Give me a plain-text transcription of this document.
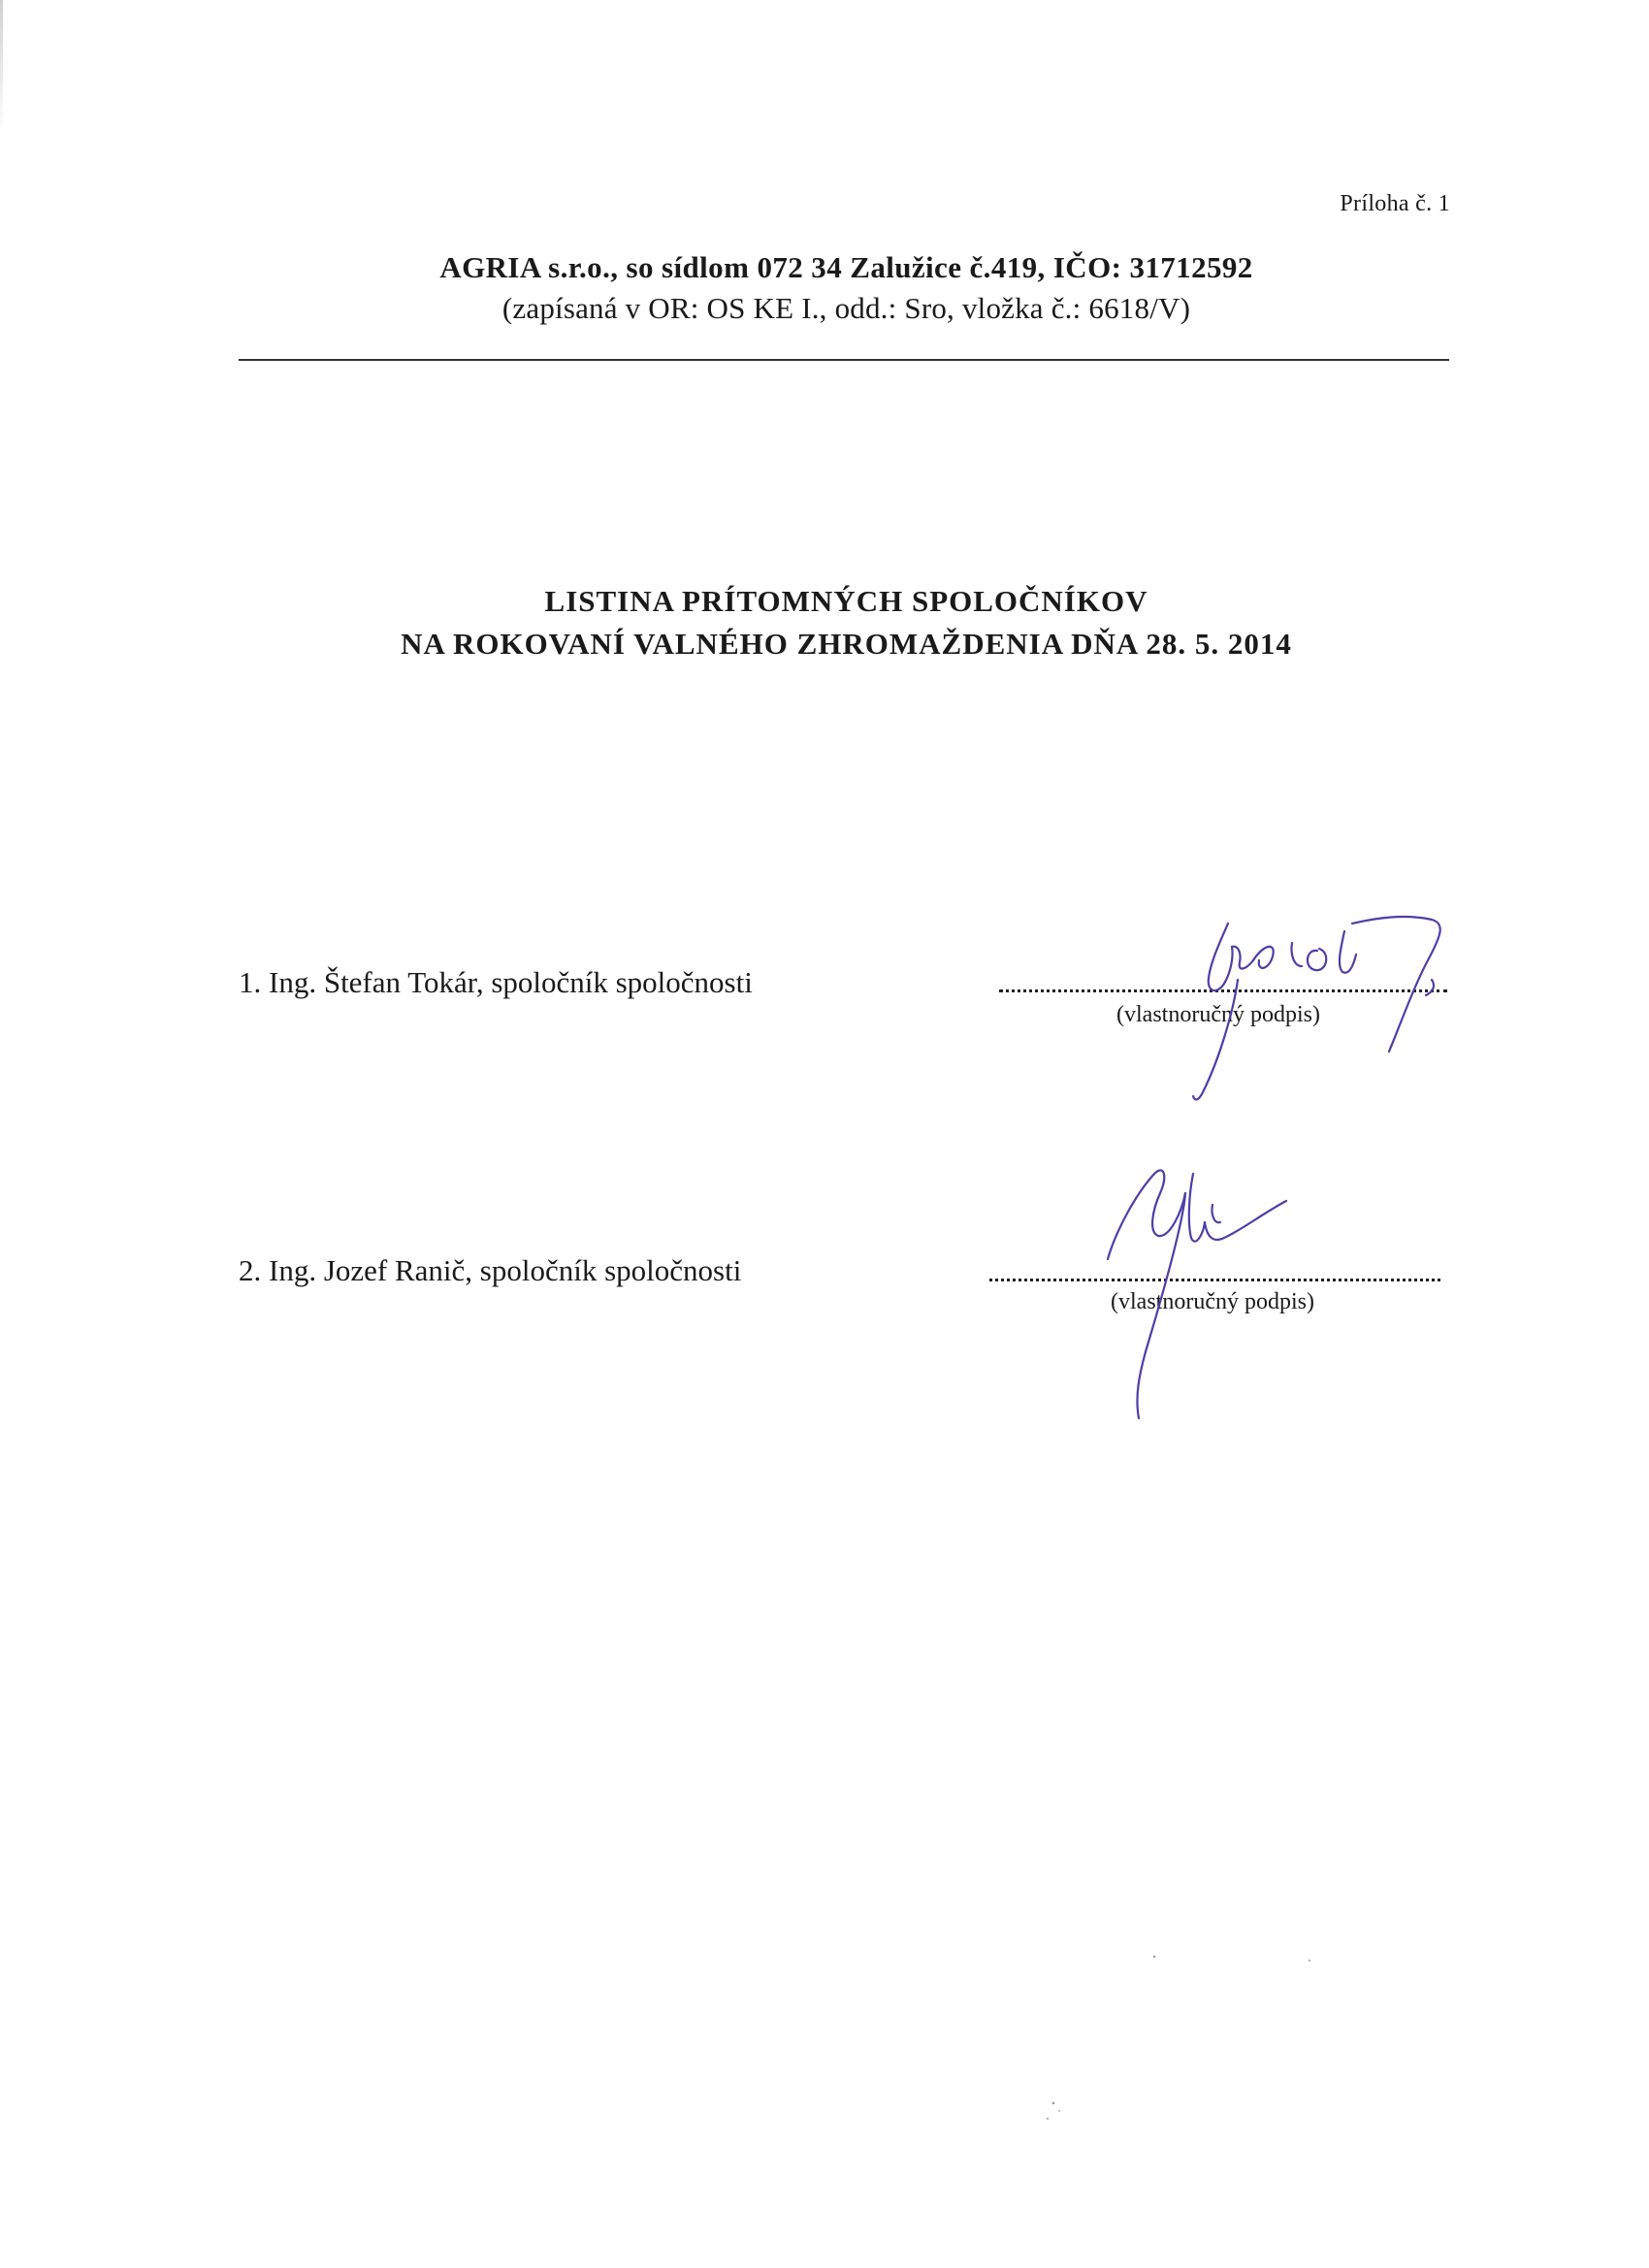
Príloha č. 1
AGRIA s.r.o., so sídlom 072 34 Zalužice č.419, IČO: 31712592
(zapísaná v OR: OS KE I., odd.: Sro, vložka č.: 6618/V)
LISTINA PRÍTOMNÝCH SPOLOČNÍKOV
NA ROKOVANÍ VALNÉHO ZHROMAŽDENIA DŇA 28. 5. 2014
1. Ing. Štefan Tokár, spoločník spoločnosti
(vlastnoručný podpis)
2. Ing. Jozef Ranič, spoločník spoločnosti
(vlastnoručný podpis)
